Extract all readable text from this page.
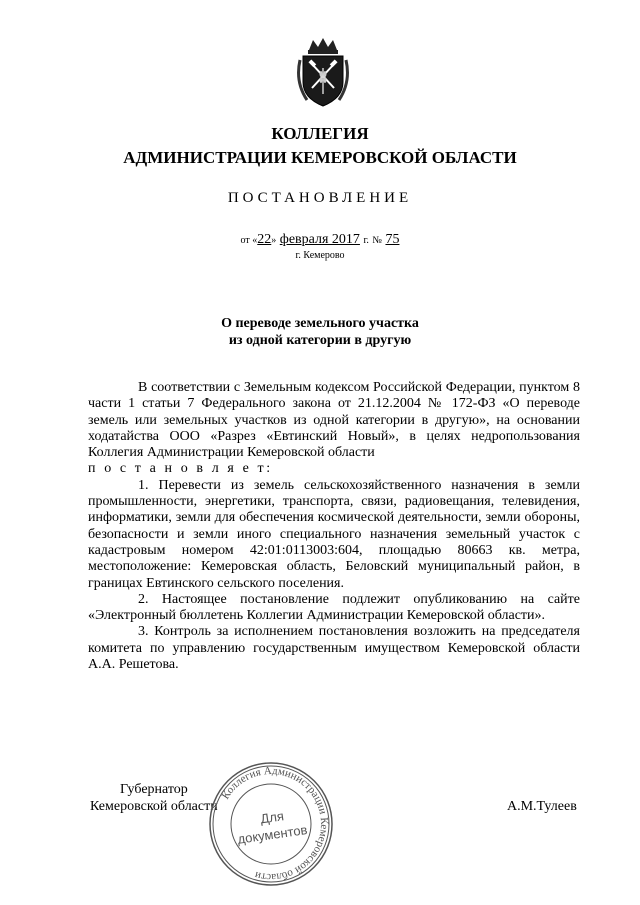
КОЛЛЕГИЯ
АДМИНИСТРАЦИИ КЕМЕРОВСКОЙ ОБЛАСТИ
ПОСТАНОВЛЕНИЕ
от «22» февраля 2017 г. № 75
г. Кемерово
О переводе земельного участка
из одной категории в другую

В соответствии с Земельным кодексом Российской Федерации, пунктом 8 части 1 статьи 7 Федерального закона от 21.12.2004 № 172-ФЗ «О переводе земель или земельных участков из одной категории в другую», на основании ходатайства ООО «Разрез «Евтинский Новый», в целях недропользования Коллегия Администрации Кемеровской области

п о с т а н о в л я е т:

1. Перевести из земель сельскохозяйственного назначения в земли промышленности, энергетики, транспорта, связи, радиовещания, телевидения, информатики, земли для обеспечения космической деятельности, земли обороны, безопасности и земли иного специального назначения земельный участок с кадастровым номером 42:01:0113003:604, площадью 80663 кв. метра, местоположение: Кемеровская область, Беловский муниципальный район, в границах Евтинского сельского поселения.

2. Настоящее постановление подлежит опубликованию на сайте «Электронный бюллетень Коллегии Администрации Кемеровской области».

3. Контроль за исполнением постановления возложить на председателя комитета по управлению государственным имуществом Кемеровской области А.А. Решетова.

Губернатор
Кемеровской области	А.М.Тулеев
Коллегия Администрации Кемеровской области
Для
документов
